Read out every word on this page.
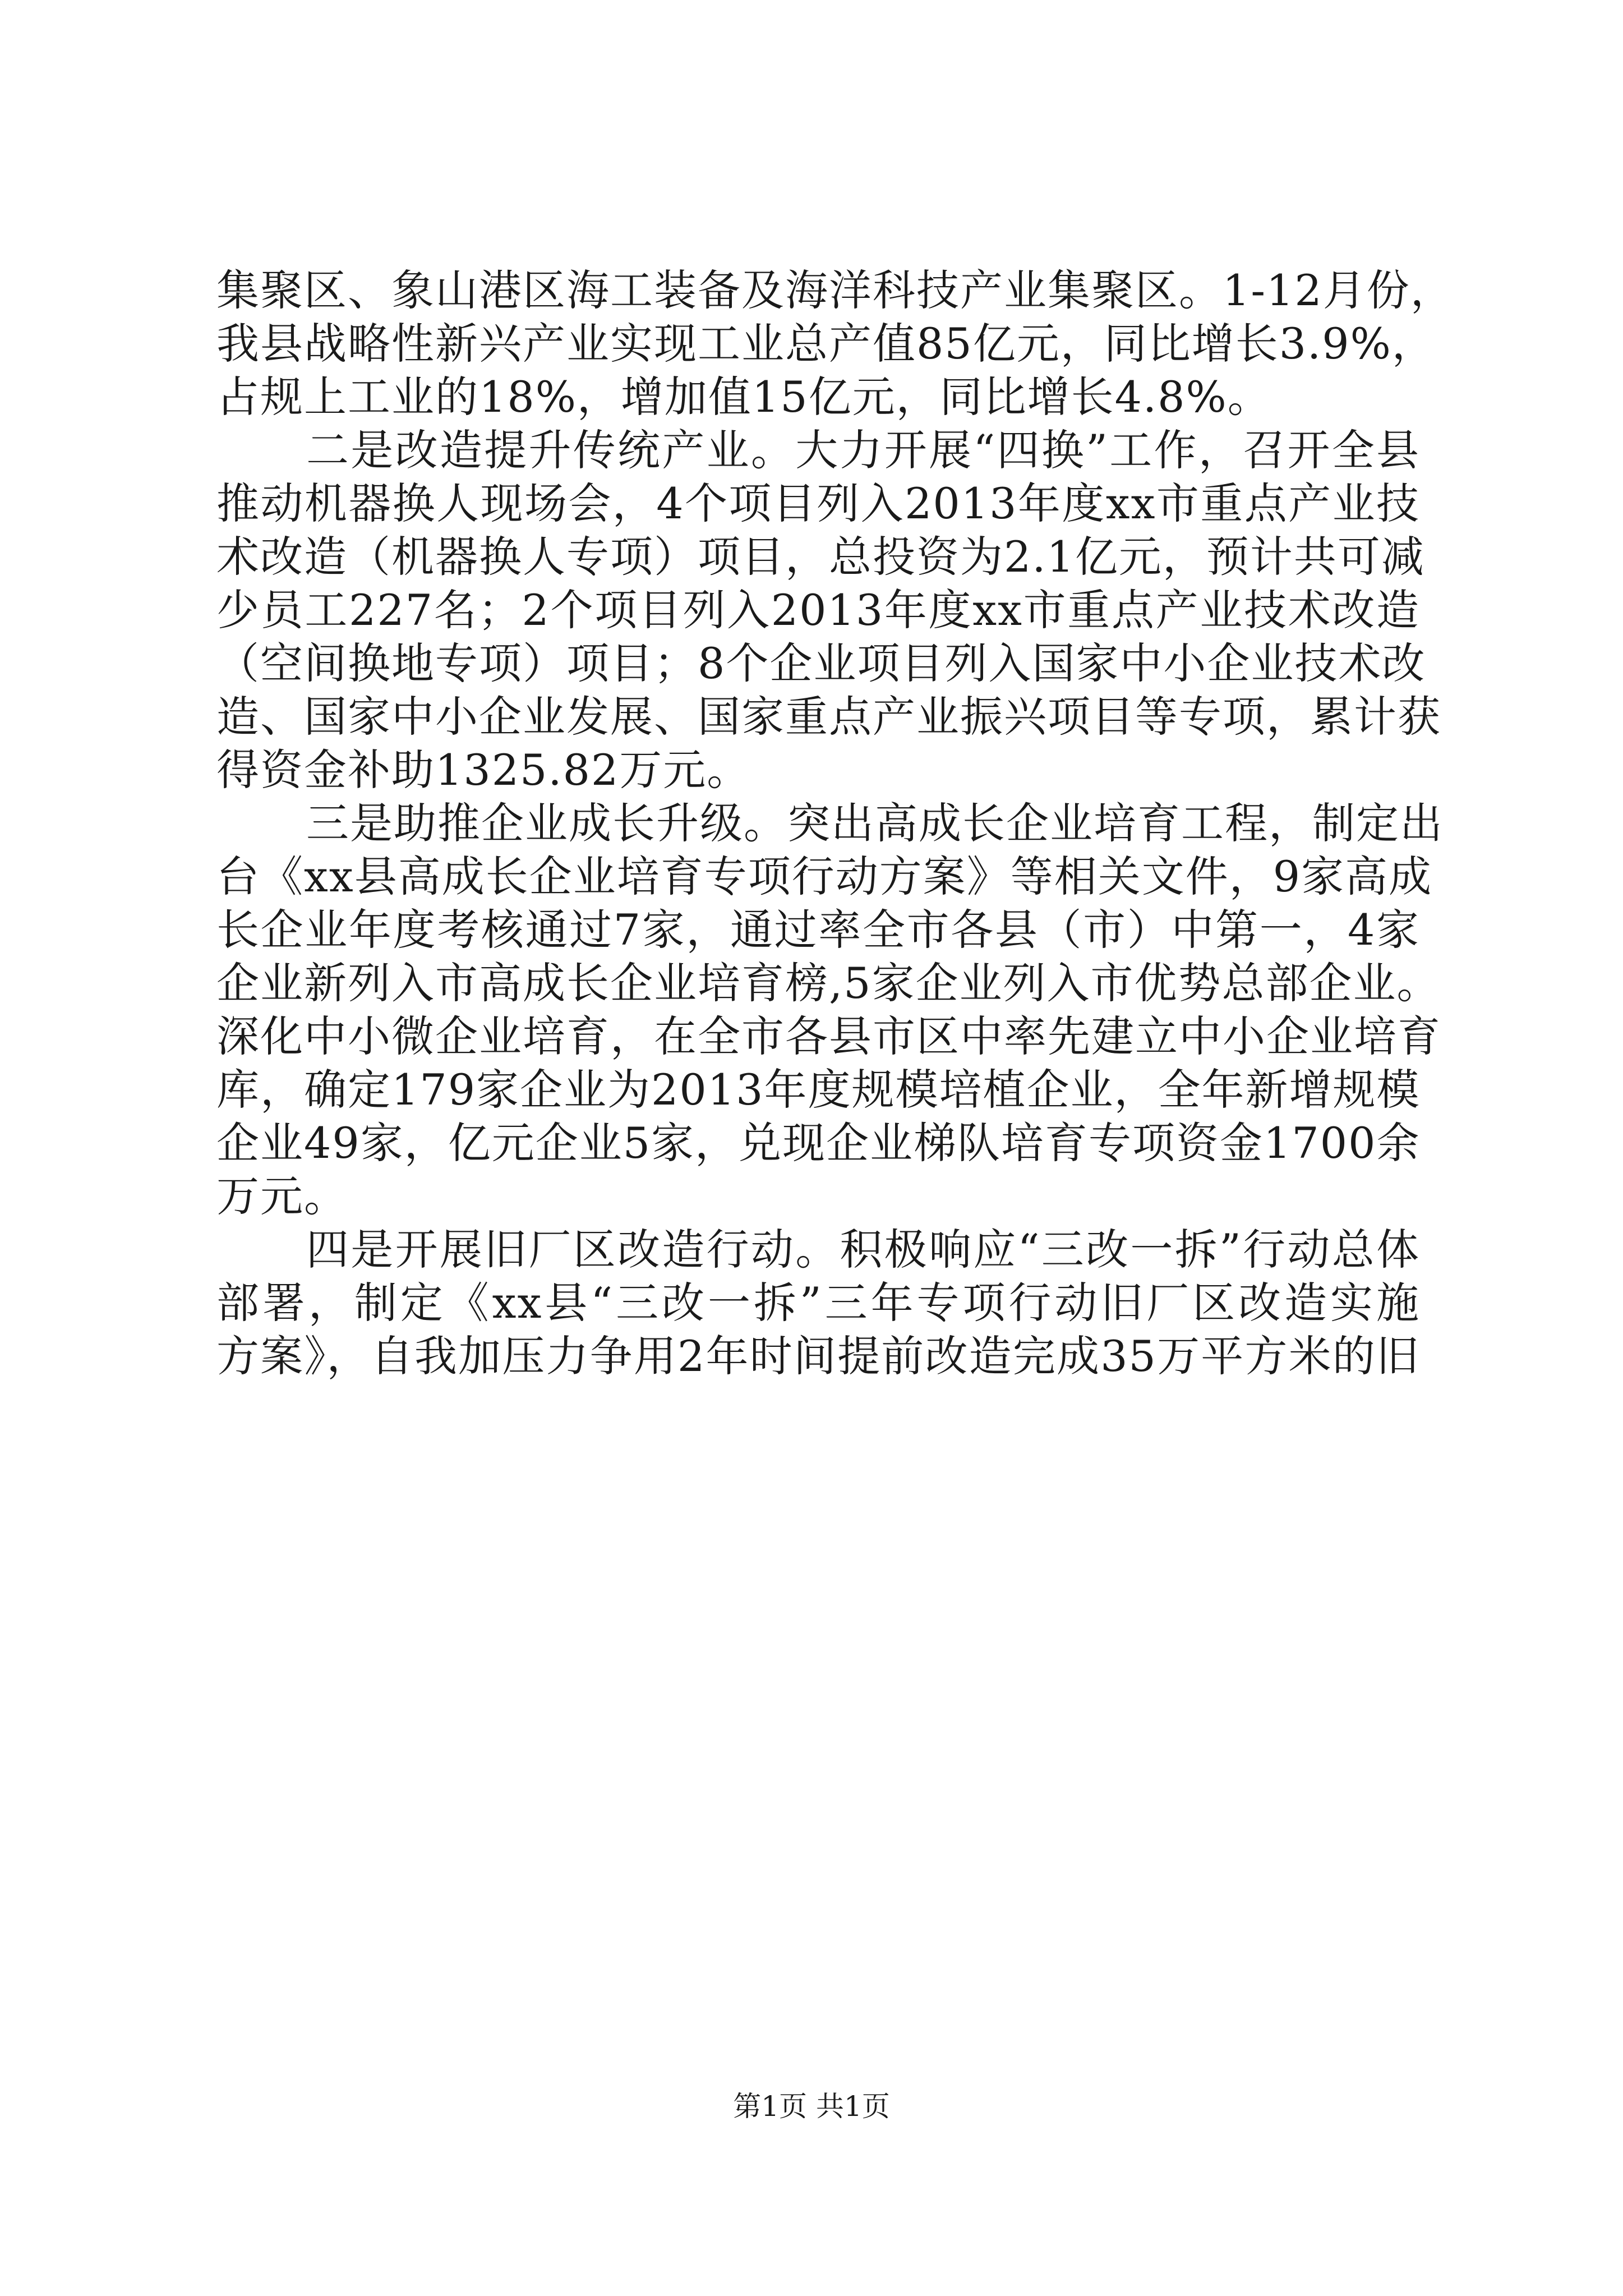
集聚区、象山港区海工装备及海洋科技产业集聚区。1-12月份，
我县战略性新兴产业实现工业总产值85亿元，同比增长3.9%，
占规上工业的18%，增加值15亿元，同比增长4.8%。
二是改造提升传统产业。大力开展“四换”工作，召开全县
推动机器换人现场会，4个项目列入2013年度xx市重点产业技
术改造（机器换人专项）项目，总投资为2.1亿元，预计共可减
少员工227名；2个项目列入2013年度xx市重点产业技术改造
（空间换地专项）项目；8个企业项目列入国家中小企业技术改
造、国家中小企业发展、国家重点产业振兴项目等专项，累计获
得资金补助1325.82万元。
三是助推企业成长升级。突出高成长企业培育工程，制定出
台《xx县高成长企业培育专项行动方案》等相关文件，9家高成
长企业年度考核通过7家，通过率全市各县（市）中第一，4家
企业新列入市高成长企业培育榜,5家企业列入市优势总部企业。
深化中小微企业培育，在全市各县市区中率先建立中小企业培育
库，确定179家企业为2013年度规模培植企业，全年新增规模
企业49家，亿元企业5家，兑现企业梯队培育专项资金1700余
万元。
四是开展旧厂区改造行动。积极响应“三改一拆”行动总体
部署，制定《xx县“三改一拆”三年专项行动旧厂区改造实施
方案》，自我加压力争用2年时间提前改造完成35万平方米的旧
第1页 共1页
